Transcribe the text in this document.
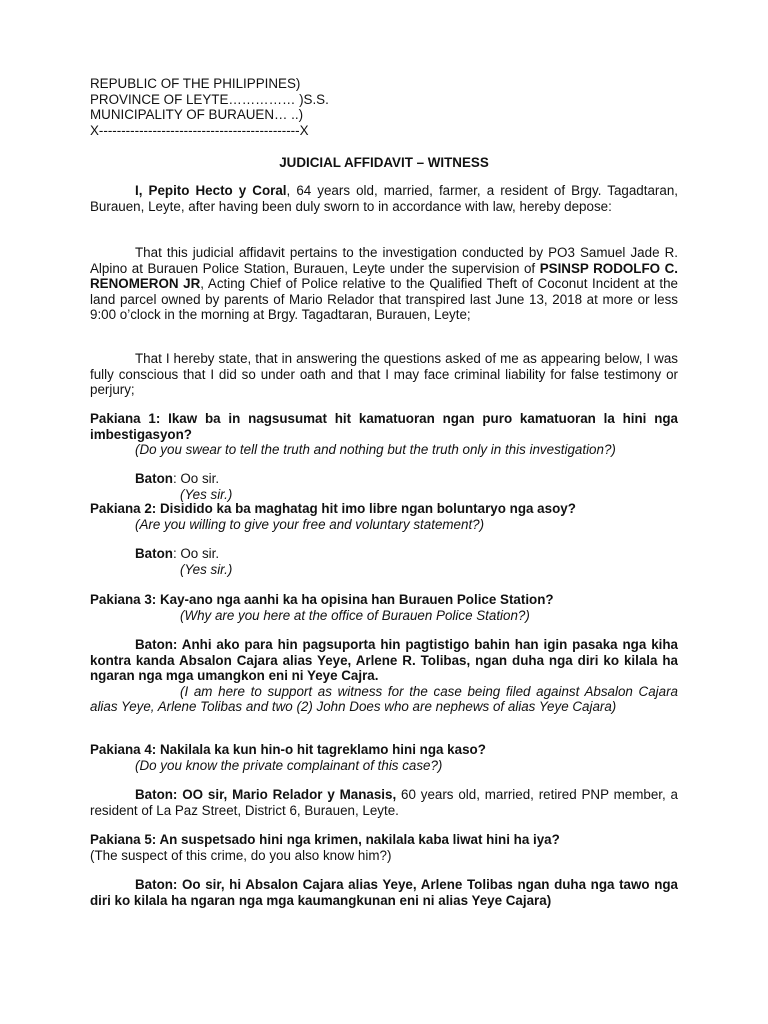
REPUBLIC OF THE PHILIPPINES)
PROVINCE OF LEYTE…………… )S.S.
MUNICIPALITY OF BURAUEN… ..)
X---------------------------------------------X
JUDICIAL AFFIDAVIT – WITNESS

I, Pepito Hecto y Coral, 64 years old, married, farmer, a resident of Brgy. Tagadtaran, Burauen, Leyte, after having been duly sworn to in accordance with law, hereby depose:

That this judicial affidavit pertains to the investigation conducted by PO3 Samuel Jade R. Alpino at Burauen Police Station, Burauen, Leyte under the supervision of PSINSP RODOLFO C. RENOMERON JR, Acting Chief of Police relative to the Qualified Theft of Coconut Incident at the land parcel owned by parents of Mario Relador that transpired last June 13, 2018 at more or less 9:00 o’clock in the morning at Brgy. Tagadtaran, Burauen, Leyte;

That I hereby state, that in answering the questions asked of me as appearing below, I was fully conscious that I did so under oath and that I may face criminal liability for false testimony or perjury;

Pakiana 1: Ikaw ba in nagsusumat hit kamatuoran ngan puro kamatuoran la hini nga imbestigasyon?

(Do you swear to tell the truth and nothing but the truth only in this investigation?)

Baton: Oo sir.

(Yes sir.)

Pakiana 2: Disidido ka ba maghatag hit imo libre ngan boluntaryo nga asoy?

(Are you willing to give your free and voluntary statement?)

Baton: Oo sir.

(Yes sir.)

Pakiana 3: Kay-ano nga aanhi ka ha opisina han Burauen Police Station?

(Why are you here at the office of Burauen Police Station?)

Baton: Anhi ako para hin pagsuporta hin pagtistigo bahin han igin pasaka nga kiha kontra kanda Absalon Cajara alias Yeye, Arlene R. Tolibas, ngan duha nga diri ko kilala ha ngaran nga mga umangkon eni ni Yeye Cajra.

(I am here to support as witness for the case being filed against Absalon Cajara alias Yeye, Arlene Tolibas and two (2) John Does who are nephews of alias Yeye Cajara)

Pakiana 4: Nakilala ka kun hin-o hit tagreklamo hini nga kaso?

(Do you know the private complainant of this case?)

Baton: OO sir, Mario Relador y Manasis, 60 years old, married, retired PNP member, a resident of La Paz Street, District 6, Burauen, Leyte.

Pakiana 5: An suspetsado hini nga krimen, nakilala kaba liwat hini ha iya?

(The suspect of this crime, do you also know him?)

Baton: Oo sir, hi Absalon Cajara alias Yeye, Arlene Tolibas ngan duha nga tawo nga diri ko kilala ha ngaran nga mga kaumangkunan eni ni alias Yeye Cajara)
